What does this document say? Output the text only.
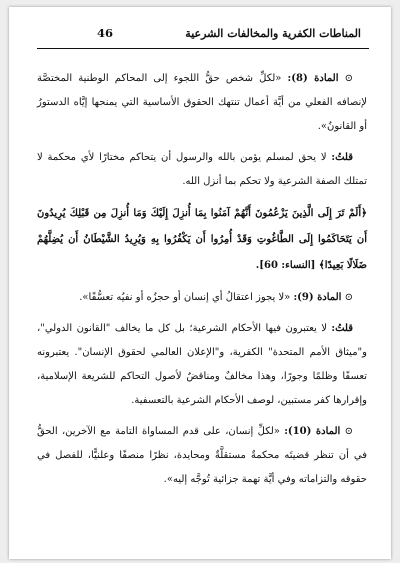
المناطات الكفرية والمخالفات الشرعية
46

⊙ المادة (8): «لكلِّ شخص حقُّ اللجوء إلى المحاكم الوطنية المختصَّة لإنصافه الفعلي من أيَّة أعمال تنتهك الحقوق الأساسية التي يمنحها إيَّاه الدستورُ أو القانونُ».

قلتُ: لا يحق لمسلم يؤمن بالله والرسول أن يتحاكم مختارًا لأي محكمة لا تمتلك الصفة الشرعية ولا تحكم بما أنزل الله.

﴿أَلَمْ تَرَ إِلَى الَّذِينَ يَزْعُمُونَ أَنَّهُمْ آمَنُوا بِمَا أُنزِلَ إِلَيْكَ وَمَا أُنزِلَ مِن قَبْلِكَ يُرِيدُونَ أَن يَتَحَاكَمُوا إِلَى الطَّاغُوتِ وَقَدْ أُمِرُوا أَن يَكْفُرُوا بِهِ وَيُرِيدُ الشَّيْطَانُ أَن يُضِلَّهُمْ ضَلَالًا بَعِيدًا﴾ [النساء: 60].

⊙ المادة (9): «لا يجوز اعتقالُ أي إنسان أو حجزُه أو نفيُه تعسُّفًا».

قلتُ: لا يعتبرون فيها الأحكام الشرعية؛ بل كل ما يخالف "القانون الدولي"، و"ميثاق الأمم المتحدة" الكفرية، و"الإعلان العالمي لحقوق الإنسان". يعتبرونه تعسفًا وظلمًا وجورًا، وهذا مخالفٌ ومناقضٌ لأصول التحاكم للشريعة الإسلامية، وإقرارها كفر مستبين، لوصف الأحكام الشرعية بالتعسفية.

⊙ المادة (10): «لكلِّ إنسان، على قدم المساواة التامة مع الآخرين، الحقُّ في أن تنظر قضيتَه محكمةٌ مستقلَّةٌ ومحايدة، نظرًا منصفًا وعلنيًّا، للفصل في حقوقه والتزاماته وفي أيَّة تهمة جزائية تُوجَّه إليه».
